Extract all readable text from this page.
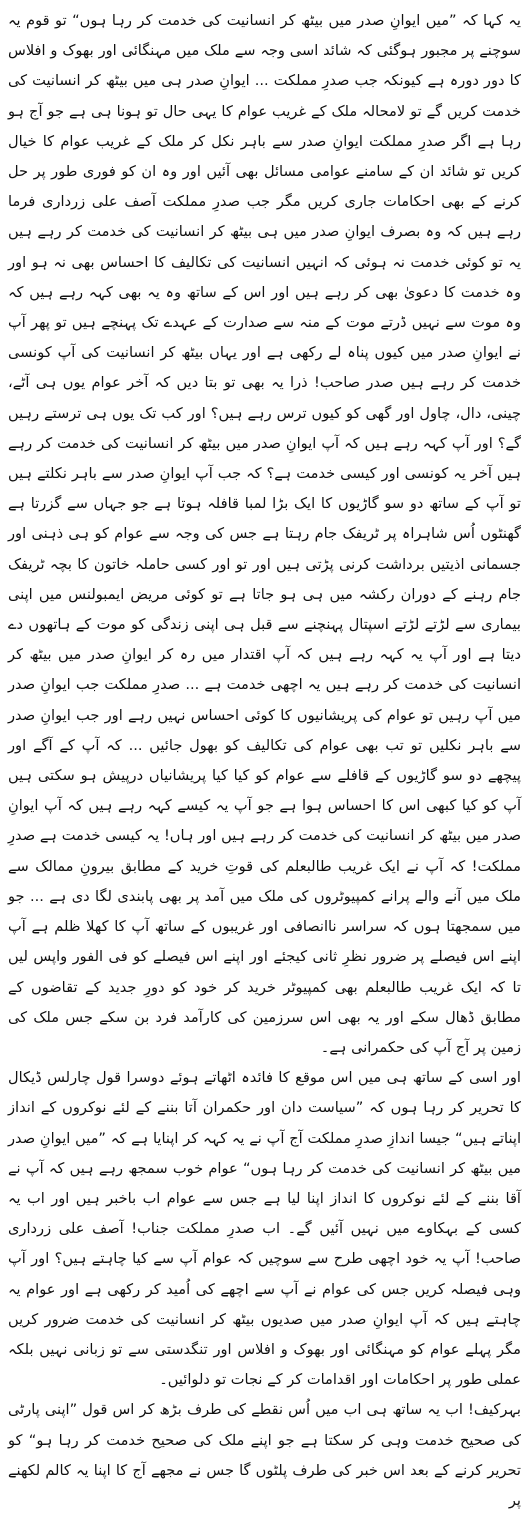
یہ کہا کہ ”میں ایوانِ صدر میں بیٹھ کر انسانیت کی خدمت کر رہا ہوں“ تو قوم یہ سوچنے پر مجبور ہوگئی کہ شائد اسی وجہ سے ملک میں مہنگائی اور بھوک و افلاس کا دور دورہ ہے کیونکہ جب صدرِ مملکت ... ایوانِ صدر ہی میں بیٹھ کر انسانیت کی خدمت کریں گے تو لامحالہ ملک کے غریب عوام کا یہی حال تو ہونا ہی ہے جو آج ہو رہا ہے اگر صدرِ مملکت ایوانِ صدر سے باہر نکل کر ملک کے غریب عوام کا خیال کریں تو شائد ان کے سامنے عوامی مسائل بھی آئیں اور وہ ان کو فوری طور پر حل کرنے کے بھی احکامات جاری کریں مگر جب صدرِ مملکت آصف علی زرداری فرما رہے ہیں کہ وہ بصرف ایوانِ صدر میں ہی بیٹھ کر انسانیت کی خدمت کر رہے ہیں یہ تو کوئی خدمت نہ ہوئی کہ انہیں انسانیت کی تکالیف کا احساس بھی نہ ہو اور وہ خدمت کا دعویٰ بھی کر رہے ہیں اور اس کے ساتھ وہ یہ بھی کہہ رہے ہیں کہ وہ موت سے نہیں ڈرتے موت کے منہ سے صدارت کے عہدے تک پہنچے ہیں تو پھر آپ نے ایوانِ صدر میں کیوں پناہ لے رکھی ہے اور یہاں بیٹھ کر انسانیت کی آپ کونسی خدمت کر رہے ہیں صدر صاحب! ذرا یہ بھی تو بتا دیں کہ آخر عوام یوں ہی آٹے، چینی، دال، چاول اور گھی کو کیوں ترس رہے ہیں؟ اور کب تک یوں ہی ترستے رہیں گے؟ اور آپ کہہ رہے ہیں کہ آپ ایوانِ صدر میں بیٹھ کر انسانیت کی خدمت کر رہے ہیں آخر یہ کونسی اور کیسی خدمت ہے؟ کہ جب آپ ایوانِ صدر سے باہر نکلتے ہیں تو آپ کے ساتھ دو سو گاڑیوں کا ایک بڑا لمبا قافلہ ہوتا ہے جو جہاں سے گزرتا ہے گھنٹوں اُس شاہراہ پر ٹریفک جام رہتا ہے جس کی وجہ سے عوام کو ہی ذہنی اور جسمانی اذیتیں برداشت کرنی پڑتی ہیں اور تو اور کسی حاملہ خاتون کا بچہ ٹریفک جام رہنے کے دوران رکشہ میں ہی ہو جاتا ہے تو کوئی مریض ایمبولنس میں اپنی بیماری سے لڑتے لڑتے اسپتال پہنچنے سے قبل ہی اپنی زندگی کو موت کے ہاتھوں دے دیتا ہے اور آپ یہ کہہ رہے ہیں کہ آپ اقتدار میں رہ کر ایوانِ صدر میں بیٹھ کر انسانیت کی خدمت کر رہے ہیں یہ اچھی خدمت ہے ... صدرِ مملکت جب ایوانِ صدر میں آپ رہیں تو عوام کی پریشانیوں کا کوئی احساس نہیں رہے اور جب ایوانِ صدر سے باہر نکلیں تو تب بھی عوام کی تکالیف کو بھول جائیں ... کہ آپ کے آگے اور پیچھے دو سو گاڑیوں کے قافلے سے عوام کو کیا کیا پریشانیاں درپیش ہو سکتی ہیں آپ کو کیا کبھی اس کا احساس ہوا ہے جو آپ یہ کیسے کہہ رہے ہیں کہ آپ ایوانِ صدر میں بیٹھ کر انسانیت کی خدمت کر رہے ہیں اور ہاں! یہ کیسی خدمت ہے صدرِ مملکت! کہ آپ نے ایک غریب طالبعلم کی قوتِ خرید کے مطابق بیرونِ ممالک سے ملک میں آنے والے پرانے کمپیوٹروں کی ملک میں آمد پر بھی پابندی لگا دی ہے ... جو میں سمجھتا ہوں کہ سراسر ناانصافی اور غریبوں کے ساتھ آپ کا کھلا ظلم ہے آپ اپنے اس فیصلے پر ضرور نظرِ ثانی کیجئے اور اپنے اس فیصلے کو فی الفور واپس لیں تا کہ ایک غریب طالبعلم بھی کمپیوٹر خرید کر خود کو دورِ جدید کے تقاضوں کے مطابق ڈھال سکے اور یہ بھی اس سرزمین کی کارآمد فرد بن سکے جس ملک کی زمین پر آج آپ کی حکمرانی ہے۔

اور اسی کے ساتھ ہی میں اس موقع کا فائدہ اٹھاتے ہوئے دوسرا قول چارلس ڈیکال کا تحریر کر رہا ہوں کہ ”سیاست دان اور حکمران آتا بننے کے لئے نوکروں کے انداز اپناتے ہیں“ جیسا اندازِ صدرِ مملکت آج آپ نے یہ کہہ کر اپنایا ہے کہ ”میں ایوانِ صدر میں بیٹھ کر انسانیت کی خدمت کر رہا ہوں“ عوام خوب سمجھ رہے ہیں کہ آپ نے آقا بننے کے لئے نوکروں کا انداز اپنا لیا ہے جس سے عوام اب باخبر ہیں اور اب یہ کسی کے بہکاوے میں نہیں آئیں گے۔ اب صدرِ مملکت جناب! آصف علی زرداری صاحب! آپ یہ خود اچھی طرح سے سوچیں کہ عوام آپ سے کیا چاہتے ہیں؟ اور آپ وہی فیصلہ کریں جس کی عوام نے آپ سے اچھے کی اُمید کر رکھی ہے اور عوام یہ چاہتے ہیں کہ آپ ایوانِ صدر میں صدیوں بیٹھ کر انسانیت کی خدمت ضرور کریں مگر پہلے عوام کو مہنگائی اور بھوک و افلاس اور تنگدستی سے تو زبانی نہیں بلکہ عملی طور پر احکامات اور اقدامات کر کے نجات تو دلوائیں۔

بہرکیف! اب یہ ساتھ ہی اب میں اُس نقطے کی طرف بڑھ کر اس قول ”اپنی پارٹی کی صحیح خدمت وہی کر سکتا ہے جو اپنے ملک کی صحیح خدمت کر رہا ہو“ کو تحریر کرنے کے بعد اس خبر کی طرف پلٹوں گا جس نے مجھے آج کا اپنا یہ کالم لکھنے پر
